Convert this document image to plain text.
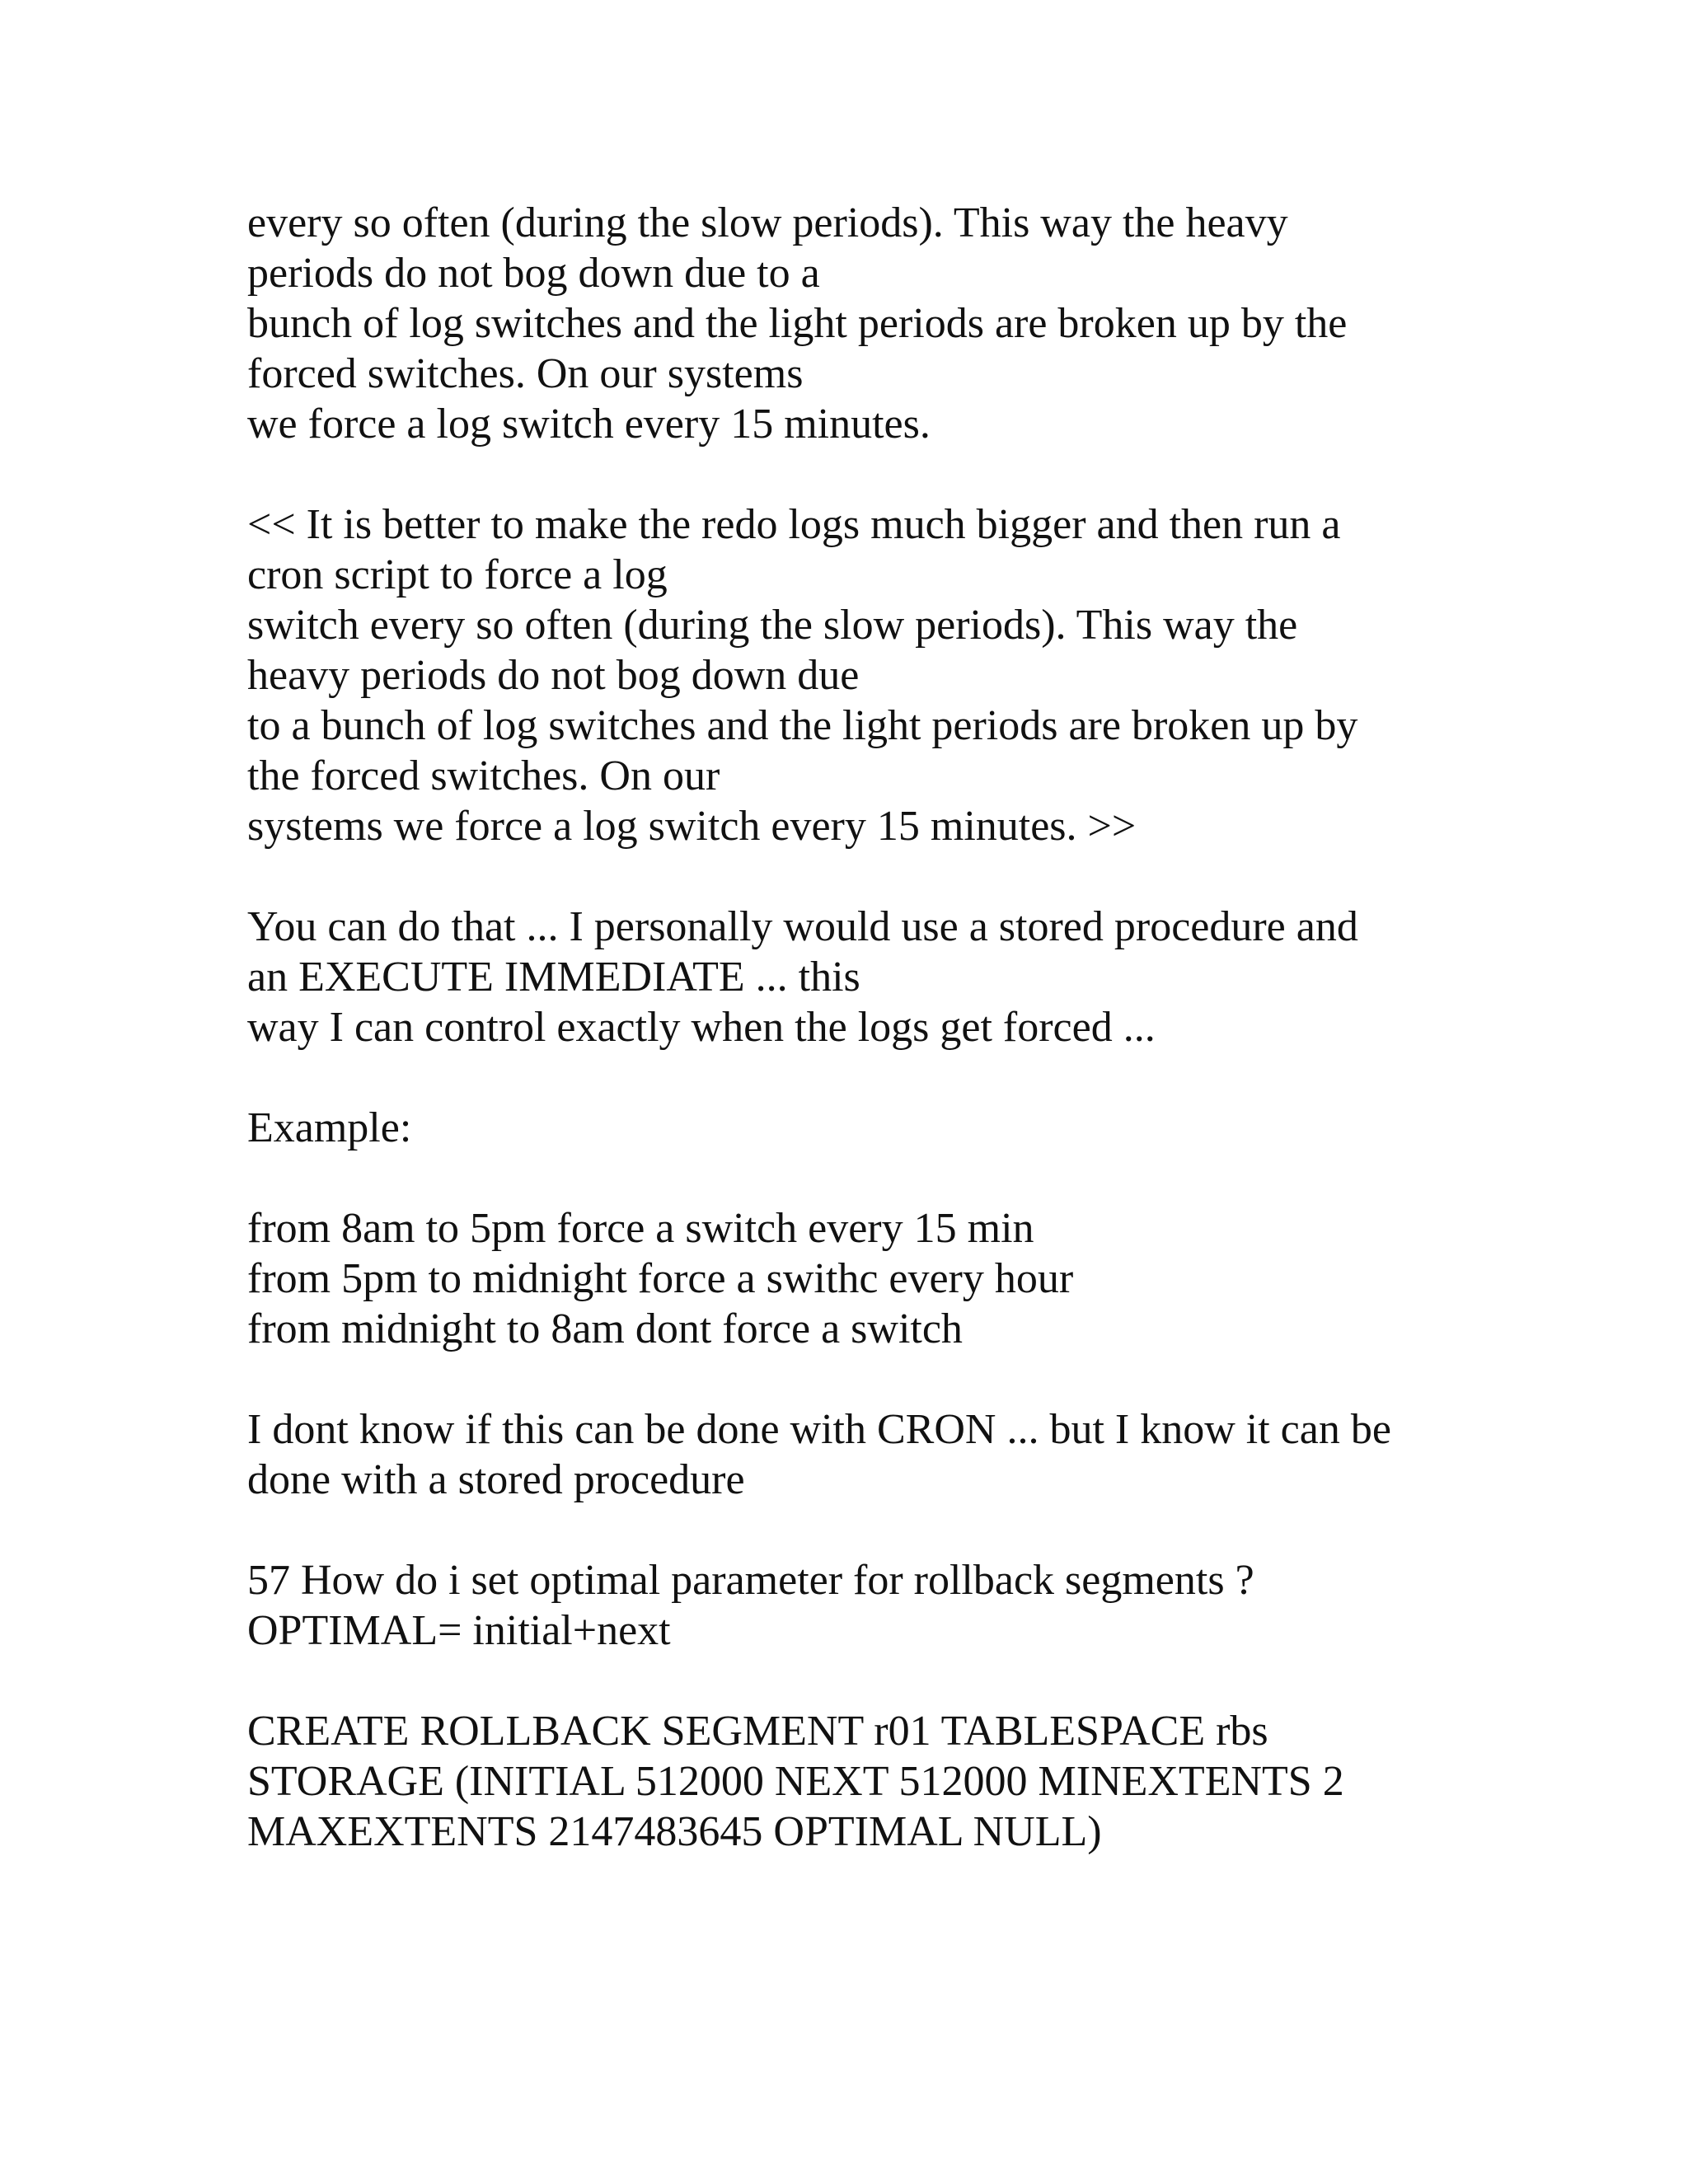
every so often (during the slow periods). This way the heavy
periods do not bog down due to a
bunch of log switches and the light periods are broken up by the
forced switches. On our systems
we force a log switch every 15 minutes.
<< It is better to make the redo logs much bigger and then run a
cron script to force a log
switch every so often (during the slow periods). This way the
heavy periods do not bog down due
to a bunch of log switches and the light periods are broken up by
the forced switches. On our
systems we force a log switch every 15 minutes. >>
You can do that ... I personally would use a stored procedure and
an EXECUTE IMMEDIATE ... this
way I can control exactly when the logs get forced ...
Example:
from 8am to 5pm force a switch every 15 min
from 5pm to midnight force a swithc every hour
from midnight to 8am dont force a switch
I dont know if this can be done with CRON ... but I know it can be
done with a stored procedure
57 How do i set optimal parameter for rollback segments ?
OPTIMAL= initial+next
CREATE ROLLBACK SEGMENT r01 TABLESPACE rbs
STORAGE (INITIAL 512000 NEXT 512000 MINEXTENTS 2
MAXEXTENTS 2147483645 OPTIMAL NULL)
